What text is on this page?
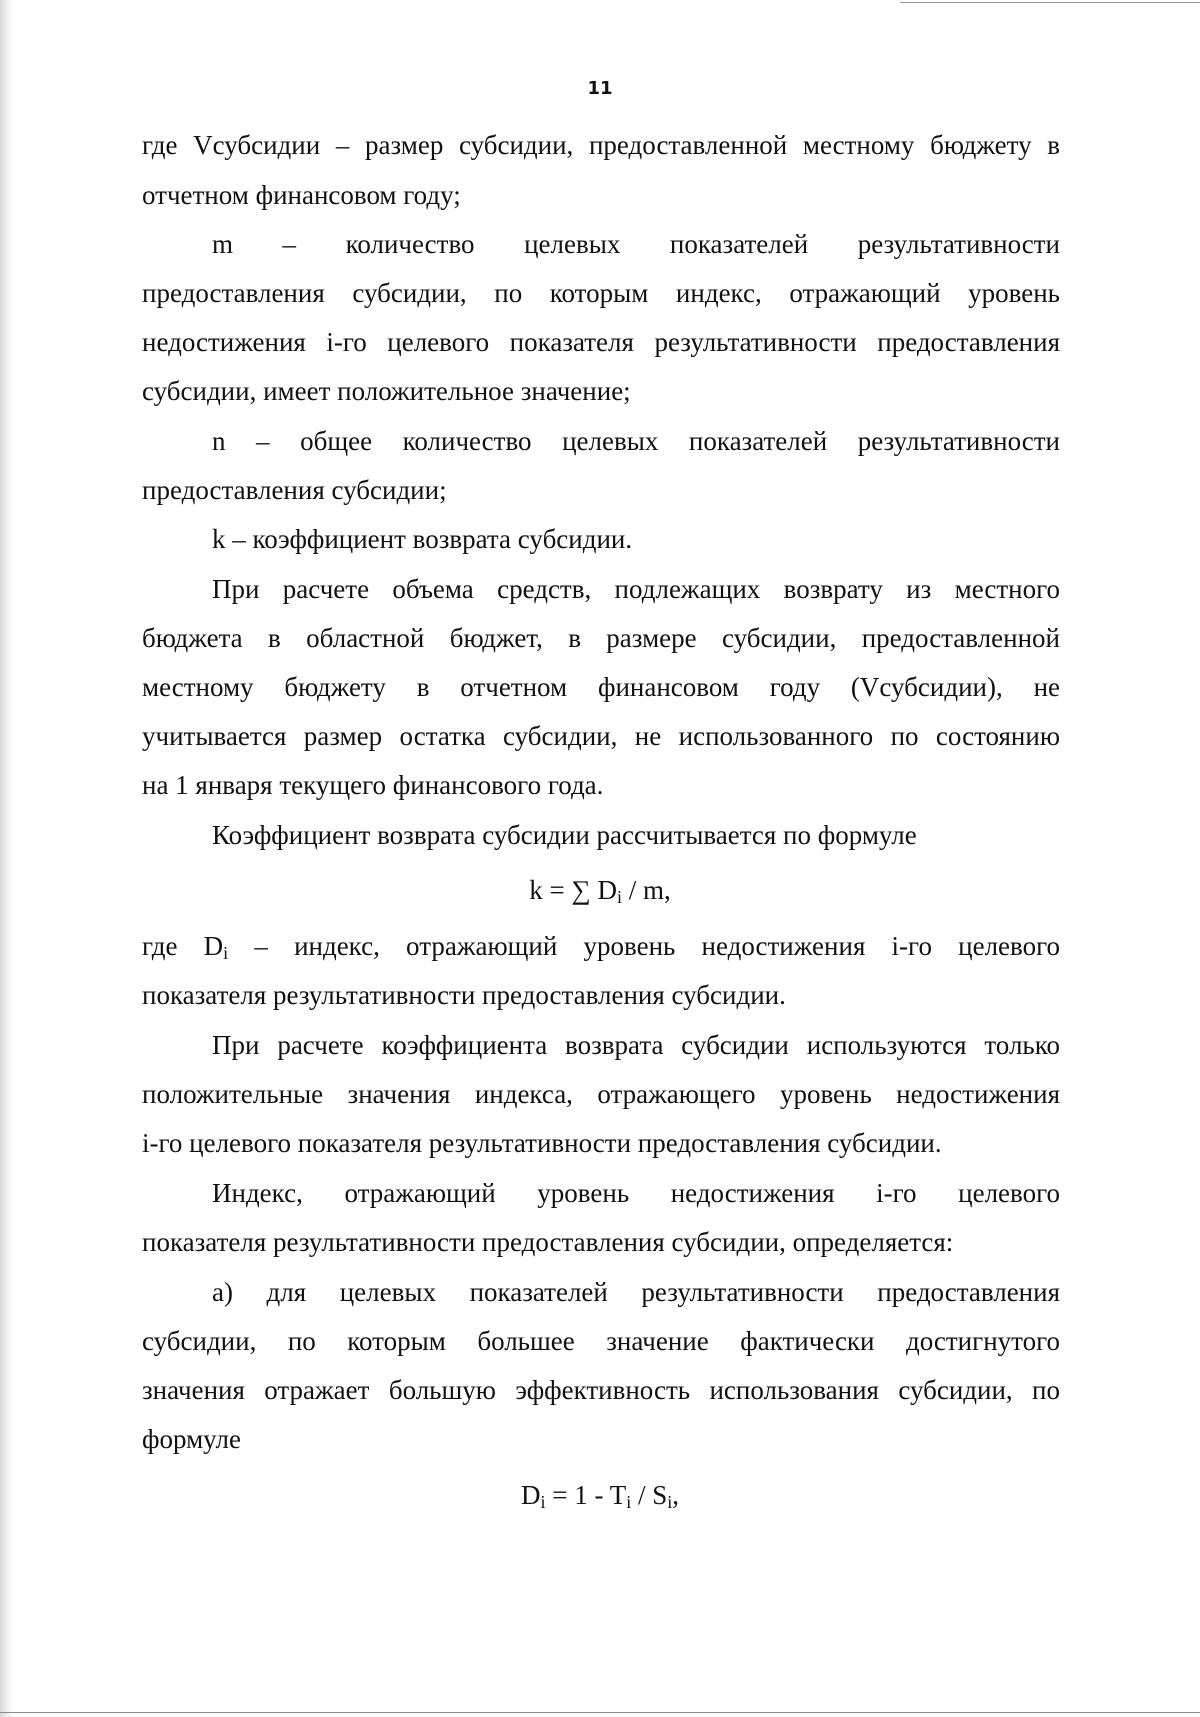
11
где Vсубсидии – размер субсидии, предоставленной местному бюджету в
отчетном финансовом году;
m – количество целевых показателей результативности
предоставления субсидии, по которым индекс, отражающий уровень
недостижения i-го целевого показателя результативности предоставления
субсидии, имеет положительное значение;
n – общее количество целевых показателей результативности
предоставления субсидии;
k – коэффициент возврата субсидии.
При расчете объема средств, подлежащих возврату из местного
бюджета в областной бюджет, в размере субсидии, предоставленной
местному бюджету в отчетном финансовом году (Vсубсидии), не
учитывается размер остатка субсидии, не использованного по состоянию
на 1 января текущего финансового года.
Коэффициент возврата субсидии рассчитывается по формуле
k = ∑ $D_i$ / m,
где $D_i$ – индекс, отражающий уровень недостижения i-го целевого
показателя результативности предоставления субсидии.
При расчете коэффициента возврата субсидии используются только
положительные значения индекса, отражающего уровень недостижения
i-го целевого показателя результативности предоставления субсидии.
Индекс, отражающий уровень недостижения i-го целевого
показателя результативности предоставления субсидии, определяется:
а) для целевых показателей результативности предоставления
субсидии, по которым большее значение фактически достигнутого
значения отражает большую эффективность использования субсидии, по
формуле
$D_i = 1 - T_i / S_i$,
